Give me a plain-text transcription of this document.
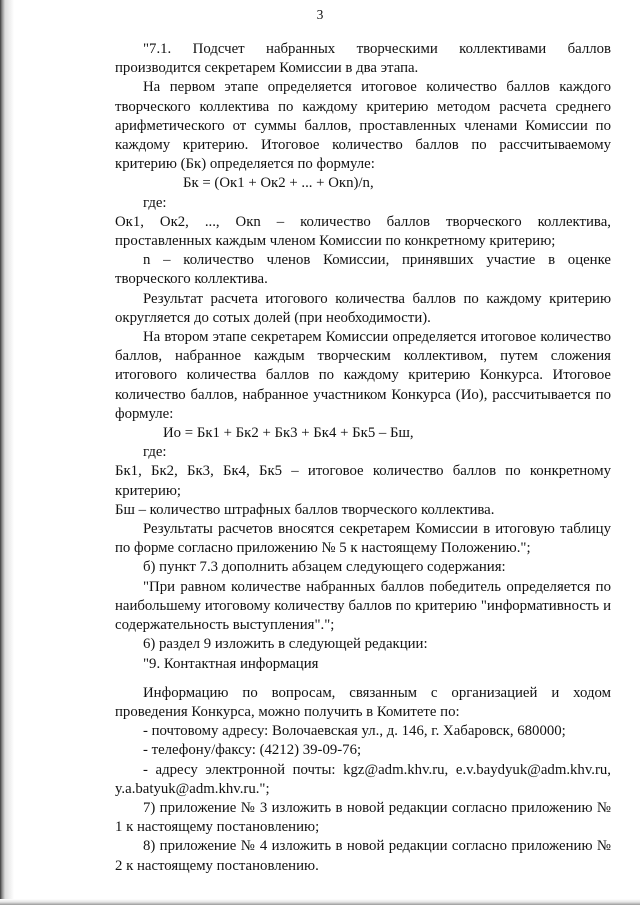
3

"7.1. Подсчет набранных творческими коллективами баллов производится секретарем Комиссии в два этапа.

На первом этапе определяется итоговое количество баллов каждого творческого коллектива по каждому критерию методом расчета среднего арифметического от суммы баллов, проставленных членами Комиссии по каждому критерию. Итоговое количество баллов по рассчитываемому критерию (Бк) определяется по формуле:

Бк = (Ок1 + Ок2 + ... + Окn)/n,

где:

Ок1, Ок2, ..., Окn – количество баллов творческого коллектива, проставленных каждым членом Комиссии по конкретному критерию;

n – количество членов Комиссии, принявших участие в оценке творческого коллектива.

Результат расчета итогового количества баллов по каждому критерию округляется до сотых долей (при необходимости).

На втором этапе секретарем Комиссии определяется итоговое количество баллов, набранное каждым творческим коллективом, путем сложения итогового количества баллов по каждому критерию Конкурса. Итоговое количество баллов, набранное участником Конкурса (Ио), рассчитывается по формуле:

Ио = Бк1 + Бк2 + Бк3 + Бк4 + Бк5 – Бш,

где:

Бк1, Бк2, Бк3, Бк4, Бк5 – итоговое количество баллов по конкретному критерию;

Бш – количество штрафных баллов творческого коллектива.

Результаты расчетов вносятся секретарем Комиссии в итоговую таблицу по форме согласно приложению № 5 к настоящему Положению.";

б) пункт 7.3 дополнить абзацем следующего содержания:

"При равном количестве набранных баллов победитель определяется по наибольшему итоговому количеству баллов по критерию "информативность и содержательность выступления".";

6) раздел 9 изложить в следующей редакции:

"9. Контактная информация

Информацию по вопросам, связанным с организацией и ходом проведения Конкурса, можно получить в Комитете по:

- почтовому адресу: Волочаевская ул., д. 146, г. Хабаровск, 680000;

- телефону/факсу: (4212) 39-09-76;

- адресу электронной почты: kgz@adm.khv.ru, e.v.baydyuk@adm.khv.ru, y.a.batyuk@adm.khv.ru.";

7) приложение № 3 изложить в новой редакции согласно приложению № 1 к настоящему постановлению;

8) приложение № 4 изложить в новой редакции согласно приложению № 2 к настоящему постановлению.
